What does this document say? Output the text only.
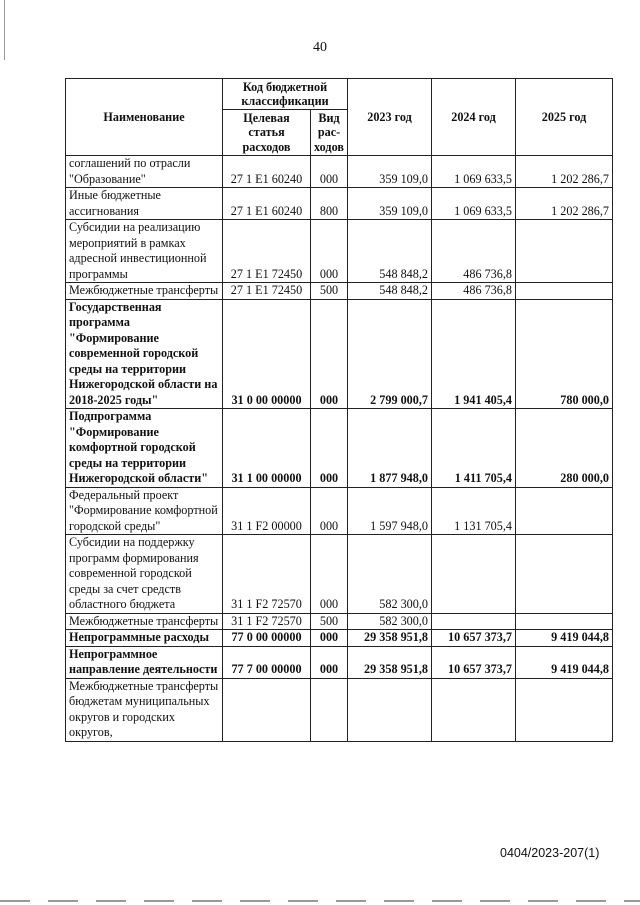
40
Наименование	Код бюджетной классификации		2023 год	2024 год	2025 год
	Целевая статья расходов	Вид рас-ходов			
соглашений по отрасли "Образование"	27 1 E1 60240	000	359 109,0	1 069 633,5	1 202 286,7
Иные бюджетные ассигнования	27 1 E1 60240	800	359 109,0	1 069 633,5	1 202 286,7
Субсидии на реализацию мероприятий в рамках адресной инвестиционной программы	27 1 E1 72450	000	548 848,2	486 736,8	
Межбюджетные трансферты	27 1 E1 72450	500	548 848,2	486 736,8	
Государственная программа "Формирование современной городской среды на территории Нижегородской области на 2018-2025 годы"	31 0 00 00000	000	2 799 000,7	1 941 405,4	780 000,0
Подпрограмма "Формирование комфортной городской среды на территории Нижегородской области"	31 1 00 00000	000	1 877 948,0	1 411 705,4	280 000,0
Федеральный проект "Формирование комфортной городской среды"	31 1 F2 00000	000	1 597 948,0	1 131 705,4	
Субсидии на поддержку программ формирования современной городской среды за счет средств областного бюджета	31 1 F2 72570	000	582 300,0		
Межбюджетные трансферты	31 1 F2 72570	500	582 300,0		
Непрограммные расходы	77 0 00 00000	000	29 358 951,8	10 657 373,7	9 419 044,8
Непрограммное направление деятельности	77 7 00 00000	000	29 358 951,8	10 657 373,7	9 419 044,8
Межбюджетные трансферты бюджетам муниципальных округов и городских округов,					
0404/2023-207(1)
